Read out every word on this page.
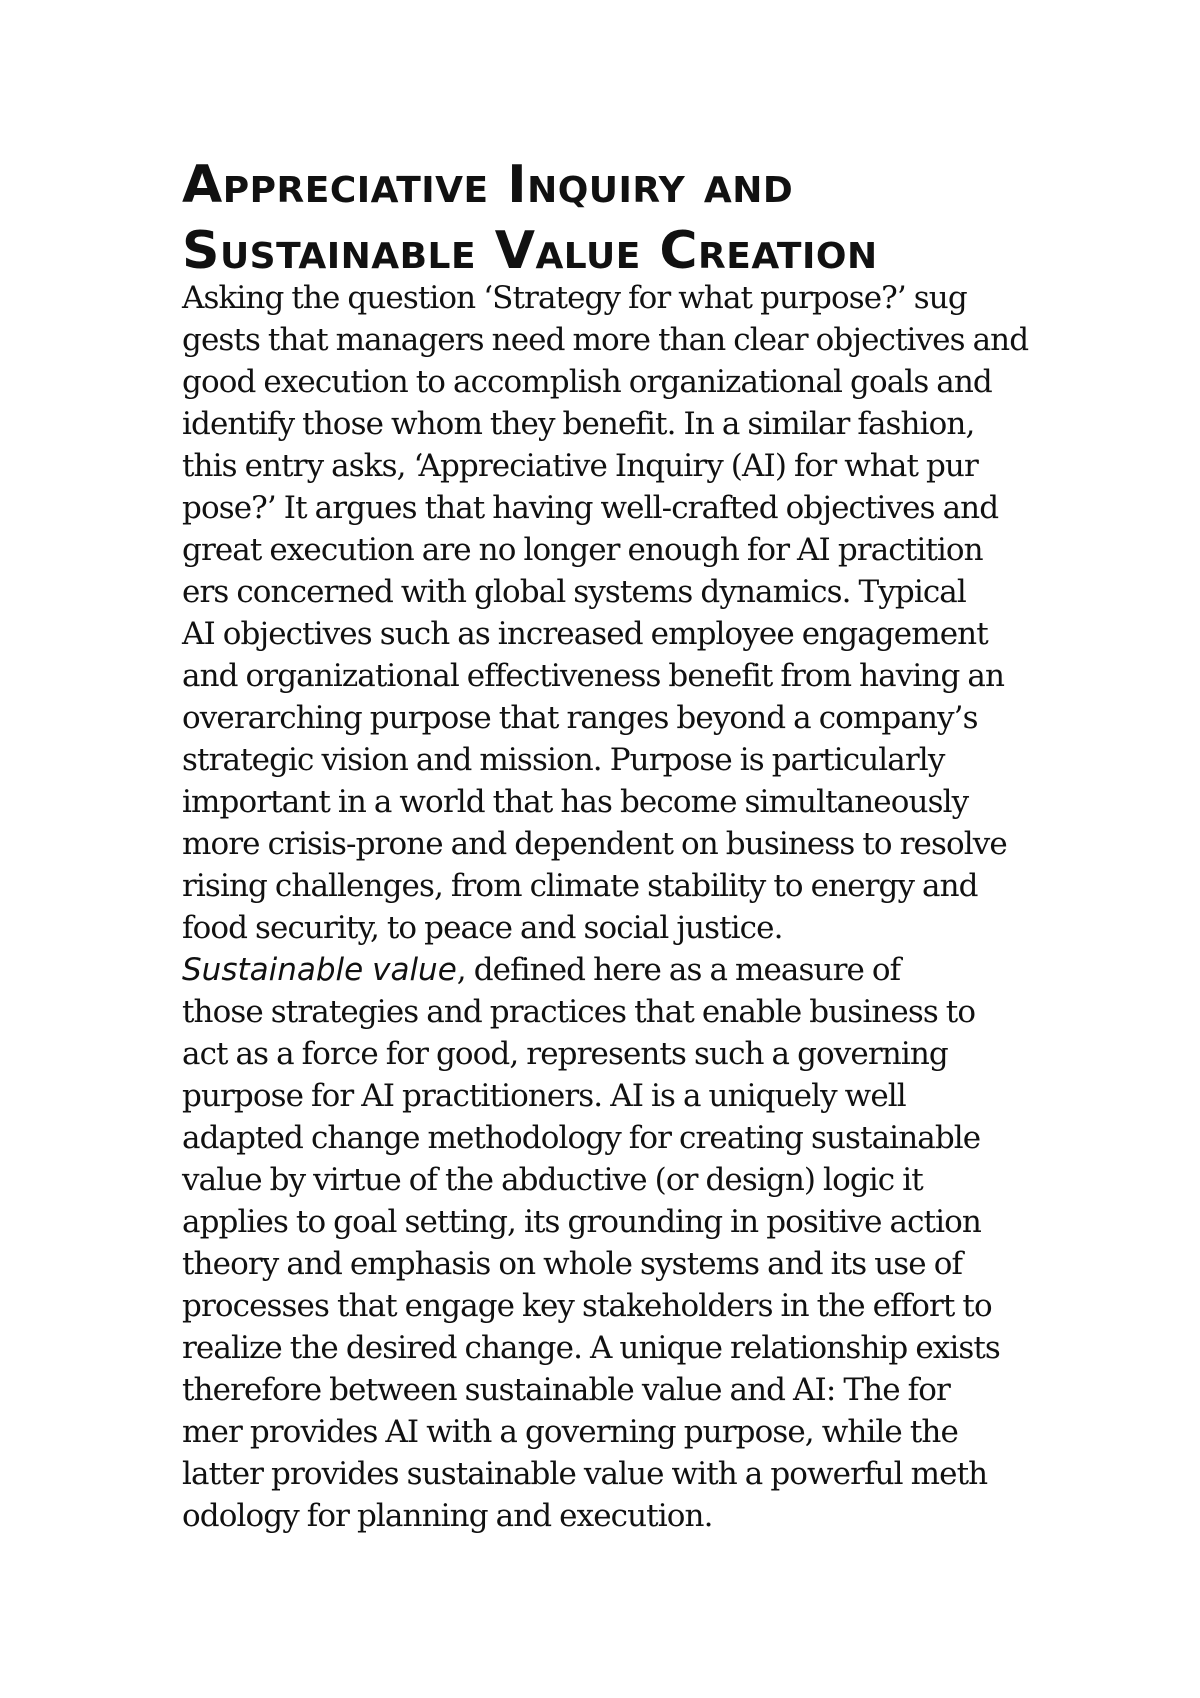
Appreciative Inquiry and
Sustainable Value Creation
Asking the question ‘Strategy for what purpose?’ sug
gests that managers need more than clear objectives and
good execution to accomplish organizational goals and
identify those whom they benefit. In a similar fashion,
this entry asks, ‘Appreciative Inquiry (AI) for what pur
pose?’ It argues that having well-crafted objectives and
great execution are no longer enough for AI practition
ers concerned with global systems dynamics. Typical
AI objectives such as increased employee engagement
and organizational effectiveness benefit from having an
overarching purpose that ranges beyond a company’s
strategic vision and mission. Purpose is particularly
important in a world that has become simultaneously
more crisis-prone and dependent on business to resolve
rising challenges, from climate stability to energy and
food security, to peace and social justice.
Sustainable value, defined here as a measure of
those strategies and practices that enable business to
act as a force for good, represents such a governing
purpose for AI practitioners. AI is a uniquely well
adapted change methodology for creating sustainable
value by virtue of the abductive (or design) logic it
applies to goal setting, its grounding in positive action
theory and emphasis on whole systems and its use of
processes that engage key stakeholders in the effort to
realize the desired change. A unique relationship exists
therefore between sustainable value and AI: The for
mer provides AI with a governing purpose, while the
latter provides sustainable value with a powerful meth
odology for planning and execution.
